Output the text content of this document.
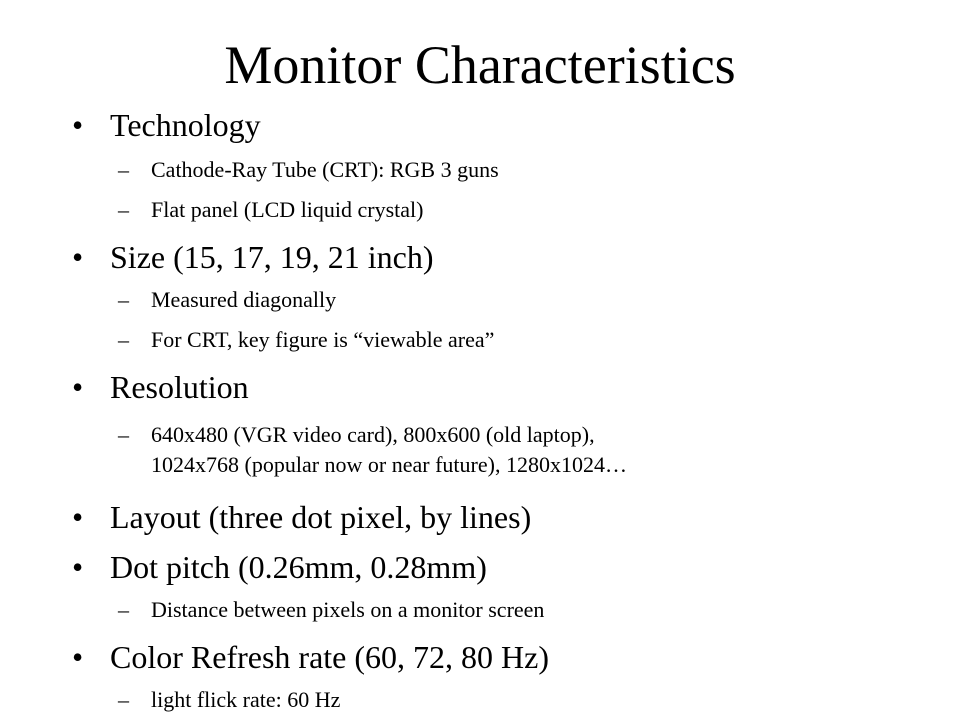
Monitor Characteristics
• Technology
– Cathode-Ray Tube (CRT): RGB 3 guns
– Flat panel (LCD liquid crystal)
• Size (15, 17, 19, 21 inch)
– Measured diagonally
– For CRT, key figure is “viewable area”
• Resolution
– 640x480 (VGR video card), 800x600 (old laptop),
1024x768 (popular now or near future), 1280x1024…
• Layout (three dot pixel, by lines)
• Dot pitch (0.26mm, 0.28mm)
– Distance between pixels on a monitor screen
• Color Refresh rate (60, 72, 80 Hz)
– light flick rate: 60 Hz
